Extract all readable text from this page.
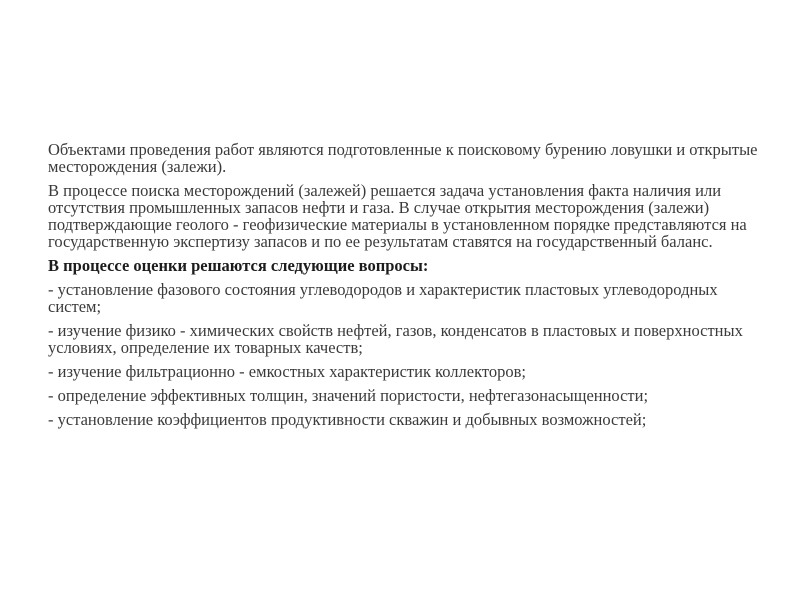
Объектами проведения работ являются подготовленные к поисковому бурению ловушки и открытые месторождения (залежи).

В процессе поиска месторождений (залежей) решается задача установления факта наличия или отсутствия промышленных запасов нефти и газа. В случае открытия месторождения (залежи) подтверждающие геолого - геофизические материалы в установленном порядке представляются на государственную экспертизу запасов и по ее результатам ставятся на государственный баланс.

В процессе оценки решаются следующие вопросы:

- установление фазового состояния углеводородов и характеристик пластовых углеводородных систем;

- изучение физико - химических свойств нефтей, газов, конденсатов в пластовых и поверхностных условиях, определение их товарных качеств;

- изучение фильтрационно - емкостных характеристик коллекторов;

- определение эффективных толщин, значений пористости, нефтегазонасыщенности;

- установление коэффициентов продуктивности скважин и добывных возможностей;
